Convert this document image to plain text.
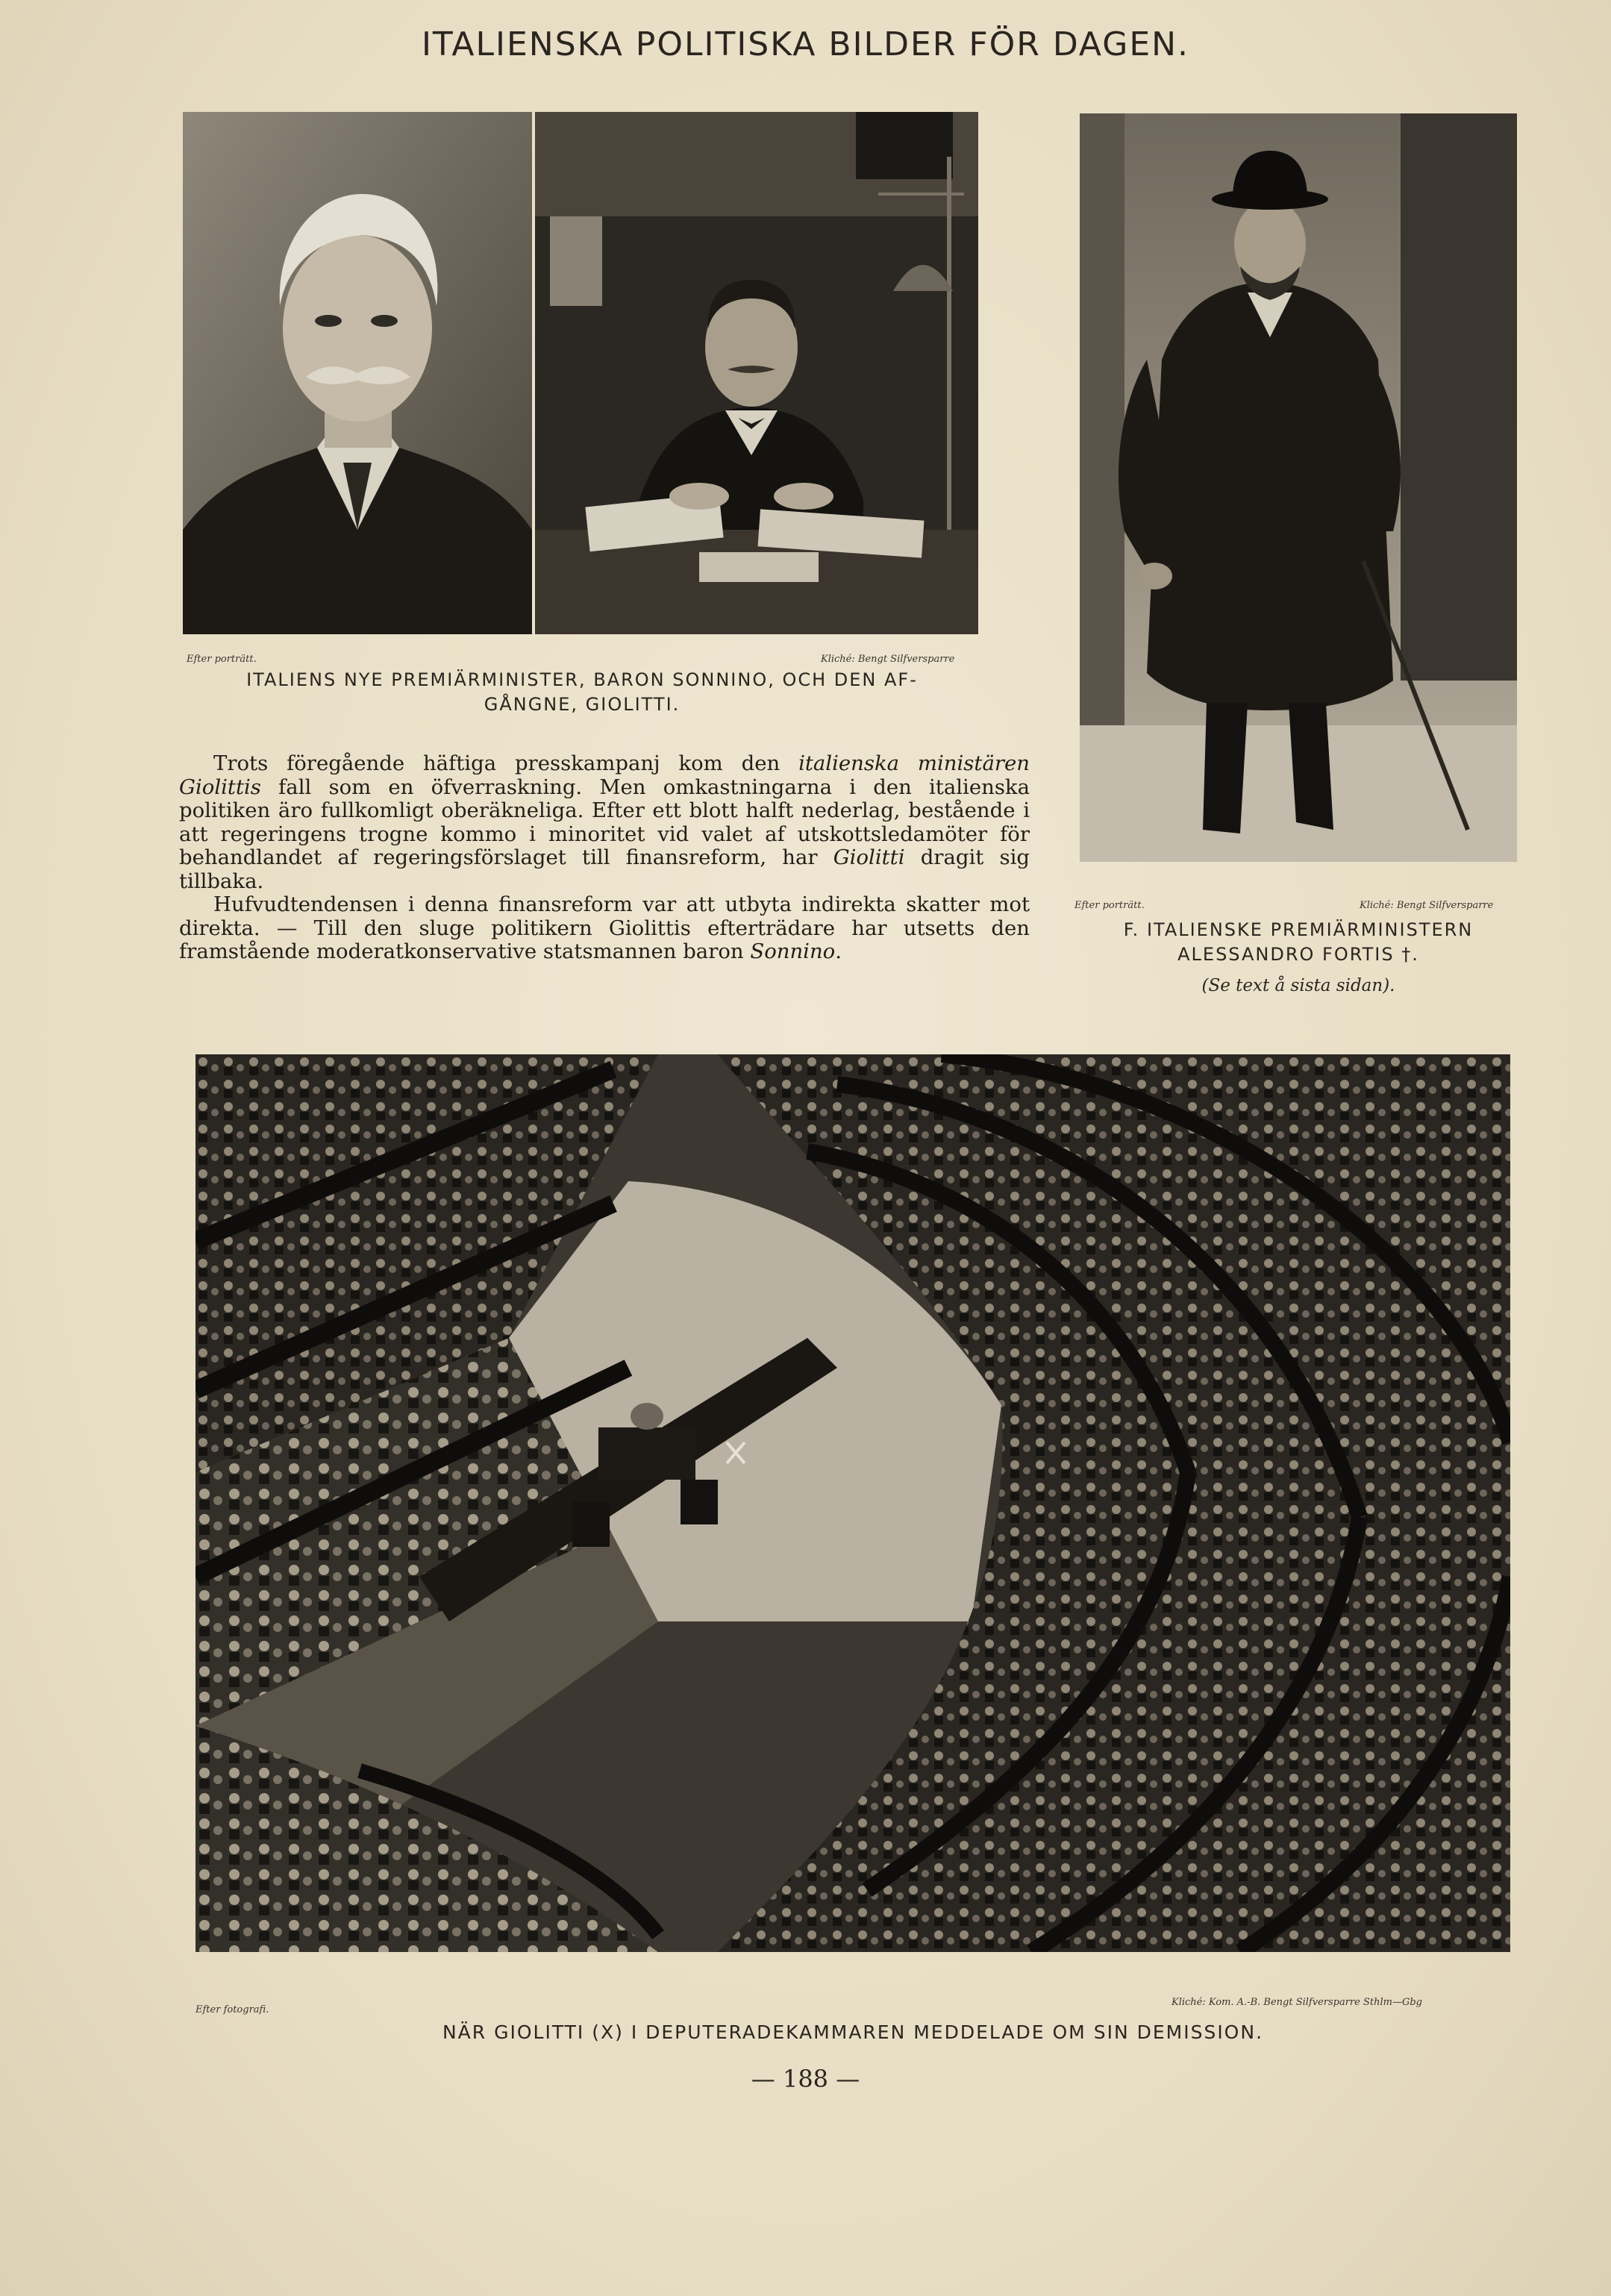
ITALIENSKA POLITISKA BILDER FÖR DAGEN.
Efter porträtt.	Kliché: Bengt Silfversparre
ITALIENS NYE PREMIÄRMINISTER, BARON SONNINO, OCH DEN AF-
GÅNGNE, GIOLITTI.
Efter porträtt.	Kliché: Bengt Silfversparre
F. ITALIENSKE PREMIÄRMINISTERN
ALESSANDRO FORTIS †.
(Se text å sista sidan).

Trots föregående häftiga presskampanj kom den italienska ministären Giolittis fall som en öfverraskning. Men omkastningarna i den italienska politiken äro fullkomligt oberäkneliga. Efter ett blott halft nederlag, bestående i att regeringens trogne kommo i minoritet vid valet af utskottsledamöter för behandlandet af regeringsförslaget till finansreform, har Giolitti dragit sig tillbaka.

Hufvudtendensen i denna finansreform var att utbyta indirekta skatter mot direkta. — Till den sluge politikern Giolittis efterträdare har utsetts den framstående moderatkonservative statsmannen baron Sonnino.

Efter fotografi.
Kliché: Kom. A.-B. Bengt Silfversparre Sthlm—Gbg
NÄR GIOLITTI (X) I DEPUTERADEKAMMAREN MEDDELADE OM SIN DEMISSION.
— 188 —
